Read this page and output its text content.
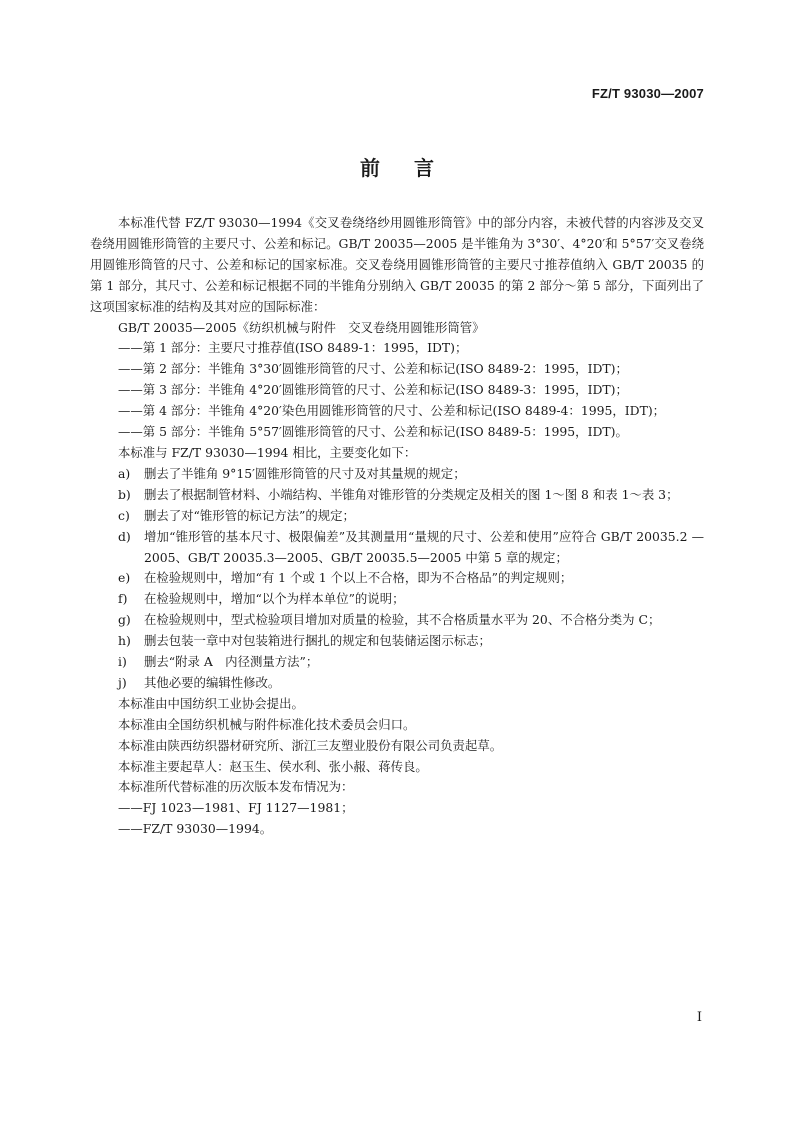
FZ/T 93030—2007
前言

本标准代替 FZ/T 93030—1994《交叉卷绕络纱用圆锥形筒管》中的部分内容，未被代替的内容涉及交叉卷绕用圆锥形筒管的主要尺寸、公差和标记。GB/T 20035—2005 是半锥角为 3°30′、4°20′和 5°57′交叉卷绕用圆锥形筒管的尺寸、公差和标记的国家标准。交叉卷绕用圆锥形筒管的主要尺寸推荐值纳入 GB/T 20035 的第 1 部分，其尺寸、公差和标记根据不同的半锥角分别纳入 GB/T 20035 的第 2 部分～第 5 部分，下面列出了这项国家标准的结构及其对应的国际标准：

GB/T 20035—2005《纺织机械与附件　交叉卷绕用圆锥形筒管》

——第 1 部分：主要尺寸推荐值(ISO 8489-1：1995，IDT)；

——第 2 部分：半锥角 3°30′圆锥形筒管的尺寸、公差和标记(ISO 8489-2：1995，IDT)；

——第 3 部分：半锥角 4°20′圆锥形筒管的尺寸、公差和标记(ISO 8489-3：1995，IDT)；

——第 4 部分：半锥角 4°20′染色用圆锥形筒管的尺寸、公差和标记(ISO 8489-4：1995，IDT)；

——第 5 部分：半锥角 5°57′圆锥形筒管的尺寸、公差和标记(ISO 8489-5：1995，IDT)。

本标准与 FZ/T 93030—1994 相比，主要变化如下：

a)	删去了半锥角 9°15′圆锥形筒管的尺寸及对其量规的规定；
b)	删去了根据制管材料、小端结构、半锥角对锥形管的分类规定及相关的图 1～图 8 和表 1～表 3；
c)	删去了对“锥形管的标记方法”的规定；
d)	增加“锥形管的基本尺寸、极限偏差”及其测量用“量规的尺寸、公差和使用”应符合 GB/T 20035.2 —2005、GB/T 20035.3—2005、GB/T 20035.5—2005 中第 5 章的规定；
e)	在检验规则中，增加“有 1 个或 1 个以上不合格，即为不合格品”的判定规则；
f)	在检验规则中，增加“以个为样本单位”的说明；
g)	在检验规则中，型式检验项目增加对质量的检验，其不合格质量水平为 20、不合格分类为 C；
h)	删去包装一章中对包装箱进行捆扎的规定和包装储运图示标志；
i)	删去“附录 A　内径测量方法”；
j)	其他必要的编辑性修改。

本标准由中国纺织工业协会提出。

本标准由全国纺织机械与附件标准化技术委员会归口。

本标准由陕西纺织器材研究所、浙江三友塑业股份有限公司负责起草。

本标准主要起草人：赵玉生、侯水利、张小赧、蒋传良。

本标准所代替标准的历次版本发布情况为：

——FJ 1023—1981、FJ 1127—1981；

——FZ/T 93030—1994。

I
